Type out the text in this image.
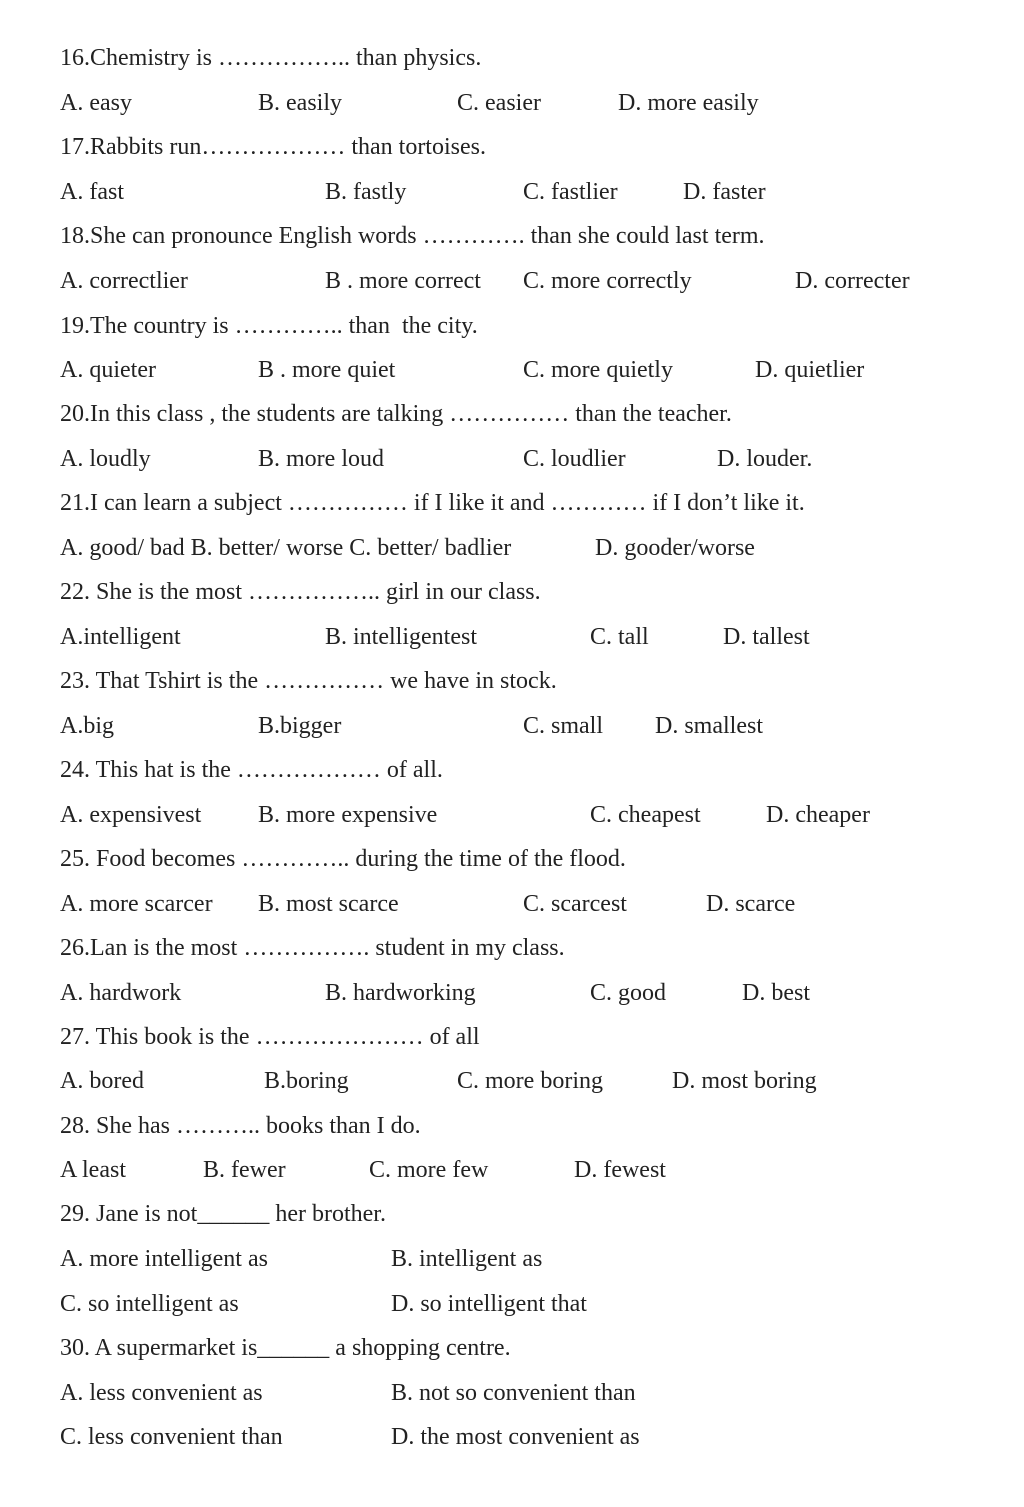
16.Chemistry is …………….. than physics.
A. easy	B. easily	C. easier	D. more easily
17.Rabbits run……………… than tortoises.
A. fast	B. fastly	C. fastlier	D. faster
18.She can pronounce English words …………. than she could last term.
A. correctlier	B . more correct C. more correctly	D. correcter
19.The country is ………….. than  the city.
A. quieter	B . more quiet	C. more quietly	D. quietlier
20.In this class , the students are talking …………… than the teacher.
A. loudly	B. more loud	C. loudlier	D. louder.
21.I can learn a subject …………… if I like it and ………… if I don’t like it.
A. good/ bad B. better/ worse C. better/ badlier	D. gooder/worse
22. She is the most …………….. girl in our class.
A.intelligent	B. intelligentest	C. tall	D. tallest
23. That Tshirt is the …………… we have in stock.
A.big	B.bigger	C. small D. smallest
24. This hat is the ……………… of all.
A. expensivest B. more expensive	C. cheapest	D. cheaper
25. Food becomes ………….. during the time of the flood.
A. more scarcer B. most scarce	C. scarcest	D. scarce
26.Lan is the most ……………. student in my class.
A. hardwork	B. hardworking	C. good	D. best
27. This book is the ………………… of all
A. bored	B.boring	C. more boring	D. most boring
28. She has ……….. books than I do.
A least	B. fewer	C. more few	D. fewest
29. Jane is not______ her brother.
A. more intelligent as	B. intelligent as
C. so intelligent as	D. so intelligent that
30. A supermarket is______ a shopping centre.
A. less convenient as	B. not so convenient than
C. less convenient than	D. the most convenient as
